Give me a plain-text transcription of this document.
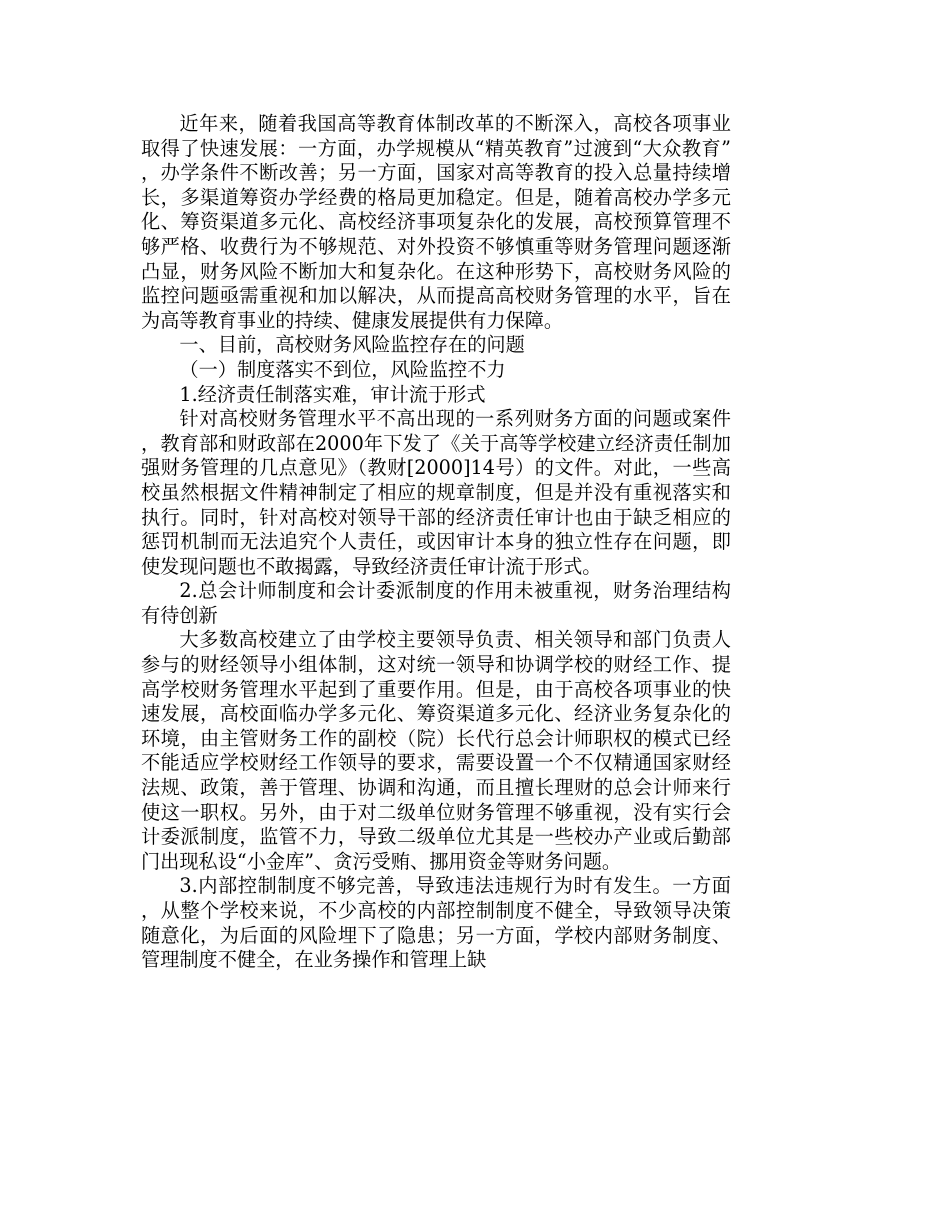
近年来，随着我国高等教育体制改革的不断深入，高校各项事业取得了快速发展：一方面，办学规模从“精英教育”过渡到“大众教育”，办学条件不断改善；另一方面，国家对高等教育的投入总量持续增长，多渠道筹资办学经费的格局更加稳定。但是，随着高校办学多元化、筹资渠道多元化、高校经济事项复杂化的发展，高校预算管理不够严格、收费行为不够规范、对外投资不够慎重等财务管理问题逐渐凸显，财务风险不断加大和复杂化。在这种形势下，高校财务风险的监控问题亟需重视和加以解决，从而提高高校财务管理的水平，旨在为高等教育事业的持续、健康发展提供有力保障。

一、目前，高校财务风险监控存在的问题

（一）制度落实不到位，风险监控不力

1.经济责任制落实难，审计流于形式

针对高校财务管理水平不高出现的一系列财务方面的问题或案件，教育部和财政部在2000年下发了《关于高等学校建立经济责任制加强财务管理的几点意见》（教财[2000]14号）的文件。对此，一些高校虽然根据文件精神制定了相应的规章制度，但是并没有重视落实和执行。同时，针对高校对领导干部的经济责任审计也由于缺乏相应的惩罚机制而无法追究个人责任，或因审计本身的独立性存在问题，即使发现问题也不敢揭露，导致经济责任审计流于形式。

2.总会计师制度和会计委派制度的作用未被重视，财务治理结构有待创新

大多数高校建立了由学校主要领导负责、相关领导和部门负责人参与的财经领导小组体制，这对统一领导和协调学校的财经工作、提高学校财务管理水平起到了重要作用。但是，由于高校各项事业的快速发展，高校面临办学多元化、筹资渠道多元化、经济业务复杂化的环境，由主管财务工作的副校（院）长代行总会计师职权的模式已经不能适应学校财经工作领导的要求，需要设置一个不仅精通国家财经法规、政策，善于管理、协调和沟通，而且擅长理财的总会计师来行使这一职权。另外，由于对二级单位财务管理不够重视，没有实行会计委派制度，监管不力，导致二级单位尤其是一些校办产业或后勤部门出现私设“小金库”、贪污受贿、挪用资金等财务问题。

3.内部控制制度不够完善，导致违法违规行为时有发生。一方面，从整个学校来说，不少高校的内部控制制度不健全，导致领导决策随意化，为后面的风险埋下了隐患；另一方面，学校内部财务制度、管理制度不健全，在业务操作和管理上缺
